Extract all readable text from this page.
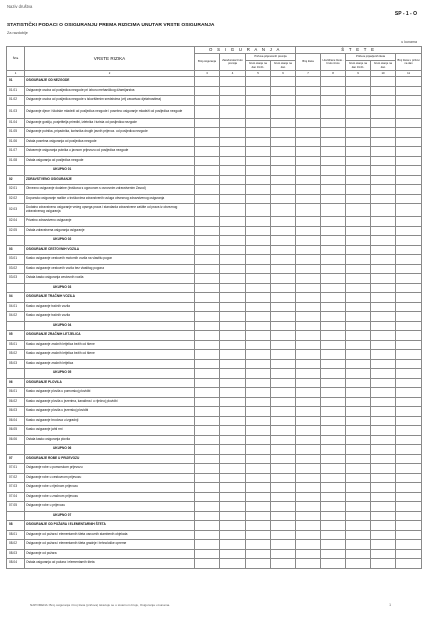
Naziv društva
SP - 1 - O
STATISTIČKI PODACI O OSIGURANJU PREMA RIZICIMA UNUTAR VRSTE OSIGURANJA
Za razdoblje
u kunama
Šifra	VRSTE RIZIKA	O S I G U R A N J A				Š T E T E				
		Broj osiguranja	Zaračunata bruto premija	Pričuva prijenosnih premija		Broj šteta	Likvidirane štete - bruto iznos	Pričuva prijavljenih šteta		Broj šteta u pričuvi na dan
				bruto stanje na dan 01.01.	bruto stanje na dan			bruto stanje na dan 01.01.	bruto stanje na dan	
1	2	3	4	5	6	7	8	9	10	11
01	OSIGURANJE OD NEZGODE									
01.01	Osiguranje osoba od posljedica nezgode pri izboru mehaničkog džamijarstva									
01.02	Osiguranje osoba od posljedica nezgode s iskorištenim sredstvima (vrlj zavarivac djelatnostima)									
01.03	Osiguranje djece i školske mladeži od posljedica nezgode i posebno osiguranje mladeži od posljedica nezgode									
01.04	Osiguranje gostiju, posjetitelja priredbi, izletnika i turista od posljedica nezgode									
01.05	Osiguranje putnika, pripadnika, korisnika drugih javnih prijevoz. od posljedica nezgode									
01.06	Ostala posebna osiguranja od posljedica nezgode									
01.07	Ostvarenje osiguranja putnika u javnom prijevozu od posljedica nezgode									
01.08	Ostala osiguranja od posljedica nezgode									
	UKUPNO 01									
02	ZDRAVSTVENO OSIGURANJE									
02.01	Obvezno osiguranje dodatne (troškova s ugovorom s osnovnim zdravstvenim Zavod)									
02.02	Dopunsko osiguranje razlike u troškovima zdravstvenih usluga obveznog zdravstvenog osiguranja									
02.03	Dodatno zdravstveno osiguranje većeg opsega prava i standarda zdravstvene zaštite od prava iz obveznog zdravstvenog osiguranja									
02.04	Privatno zdravstveno osiguranje									
02.05	Ostala zdravstvena osiguranja osiguranje									
	UKUPNO 02									
03	OSIGURANJE CESTOVNIH VOZILA									
03.01	Kasko osiguranje cestovnih motornih vozila na vlastitu pogon									
03.02	Kasko osiguranje cestovnih vozila bez vlastitog pogona									
03.03	Ostala kasko osiguranja cestovnih vozila									
	UKUPNO 03									
04	OSIGURANJE TRAČNIH VOZILA									
04.01	Kasko osiguranje tračnih vozila									
04.02	Kasko osiguranje tračnih vozila									
	UKUPNO 04									
05	OSIGURANJE ZRAČNIH LETJELICA									
05.01	Kasko osiguranje zračnih letjelica bežih od štene									
05.02	Kasko osiguranje zračnih letjelica bežih od štene									
05.03	Kasko osiguranje zračnih letjelica									
	UKUPNO 05									
06	OSIGURANJE PLOVILA									
06.01	Kasko osiguranje plovila u pomorskoj plovidbi									
06.02	Kasko osiguranje plovila u jezerima, kanalima i u riječnoj plovidbi									
06.03	Kasko osiguranje plovila u jezerskoj plovidbi									
06.04	Kasko osiguranje brodova u izgradnji									
06.05	Kasko osiguranje jahti rmi									
06.06	Ostala kasko osiguranja plovila									
	UKUPNO 06									
07	OSIGURANJE ROBE U PRIJEVOZU									
07.01	Osiguranje robe u pomorskom prijevozu									
07.02	Osiguranje robe u cestovnom prijevozu									
07.03	Osiguranje robe u riječnom prijevozu									
07.04	Osiguranje robe u zračnom prijevozu									
07.05	Osiguranje robe u prijevozu									
	UKUPNO 07									
08	OSIGURANJE OD POŽARA I ELEMENTARNIH ŠTETA									
08.01	Osiguranje od požara i elementarnih šteta osnovnih stambenih objekata									
08.02	Osiguranje od požara i elementarnih šteta gradnje i tehnološke opreme									
08.03	Osiguranje od požara									
08.04	Ostala osiguranja od požara i elementarnih šteta									
NAPOMENA: Broj osiguranja i broj šteta (pričuva) iskazuju se u stvarnom broju, Osiguranja u kunama.	1
